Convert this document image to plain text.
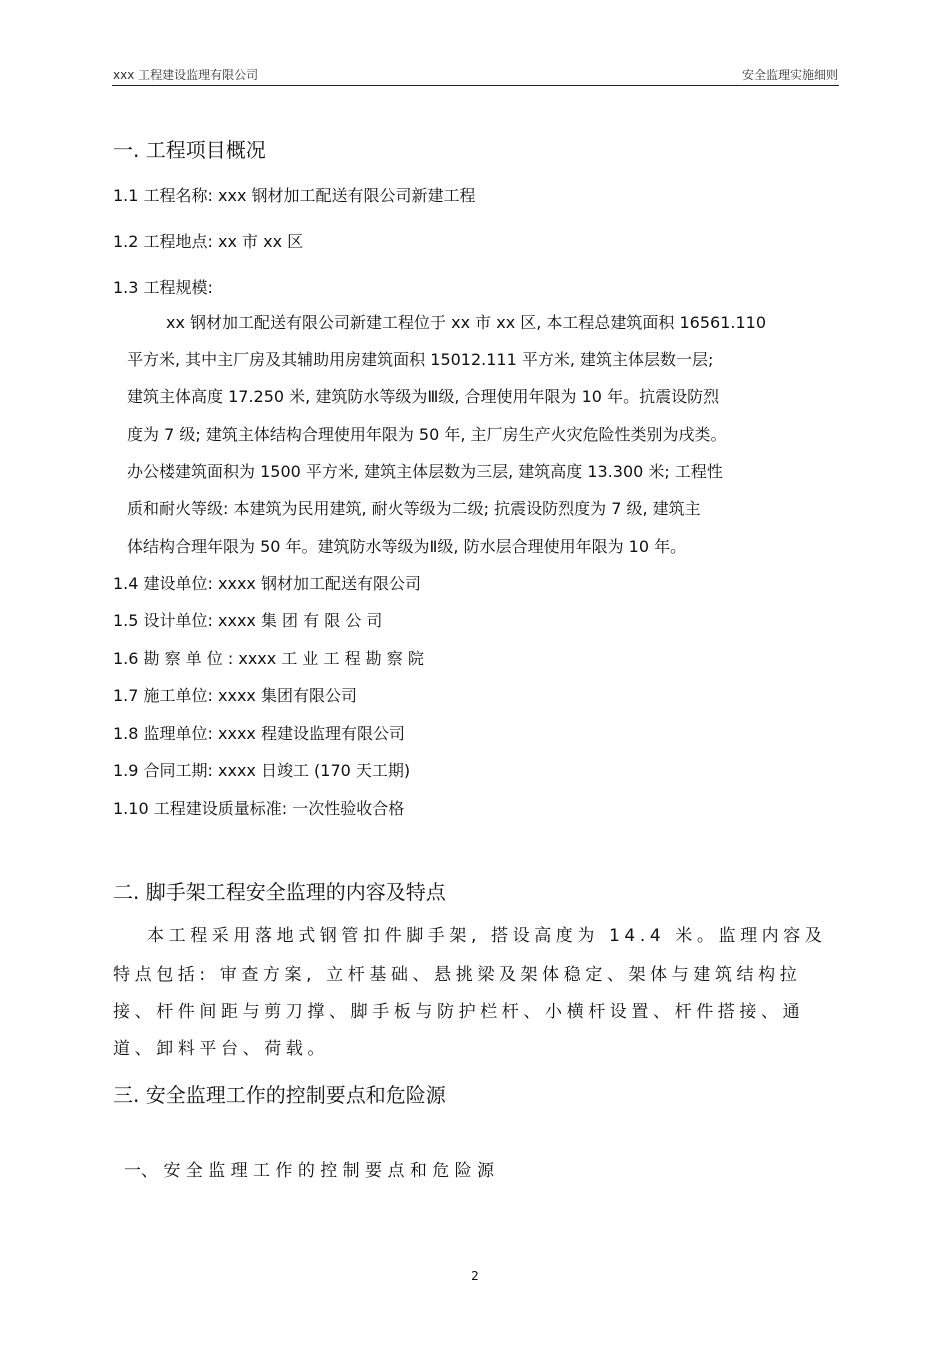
xxx 工程建设监理有限公司	安全监理实施细则
一. 工程项目概况
1.1 工程名称: xxx 钢材加工配送有限公司新建工程
1.2 工程地点: xx 市 xx 区
1.3 工程规模:
xx 钢材加工配送有限公司新建工程位于 xx 市 xx 区, 本工程总建筑面积 16561.110
平方米, 其中主厂房及其辅助用房建筑面积 15012.111 平方米, 建筑主体层数一层;
建筑主体高度 17.250 米, 建筑防水等级为Ⅲ级, 合理使用年限为 10 年。抗震设防烈
度为 7 级; 建筑主体结构合理使用年限为 50 年, 主厂房生产火灾危险性类别为戌类。
办公楼建筑面积为 1500 平方米, 建筑主体层数为三层, 建筑高度 13.300 米; 工程性
质和耐火等级: 本建筑为民用建筑, 耐火等级为二级; 抗震设防烈度为 7 级, 建筑主
体结构合理年限为 50 年。建筑防水等级为Ⅱ级, 防水层合理使用年限为 10 年。
1.4 建设单位: xxxx 钢材加工配送有限公司
1.5 设计单位: xxxx 集 团 有 限 公 司
1.6 勘 察 单 位 : xxxx 工 业 工 程 勘 察 院
1.7 施工单位: xxxx 集团有限公司
1.8 监理单位: xxxx 程建设监理有限公司
1.9 合同工期: xxxx 日竣工 (170 天工期)
1.10 工程建设质量标准: 一次性验收合格
二. 脚手架工程安全监理的内容及特点
本工程采用落地式钢管扣件脚手架, 搭设高度为 14.4 米。监理内容及
特点包括: 审查方案, 立杆基础、悬挑梁及架体稳定、架体与建筑结构拉
接、杆件间距与剪刀撑、脚手板与防护栏杆、小横杆设置、杆件搭接、通
道、卸料平台、荷载。
三. 安全监理工作的控制要点和危险源
一、 安 全 监 理 工 作 的 控 制 要 点 和 危 险 源
2
